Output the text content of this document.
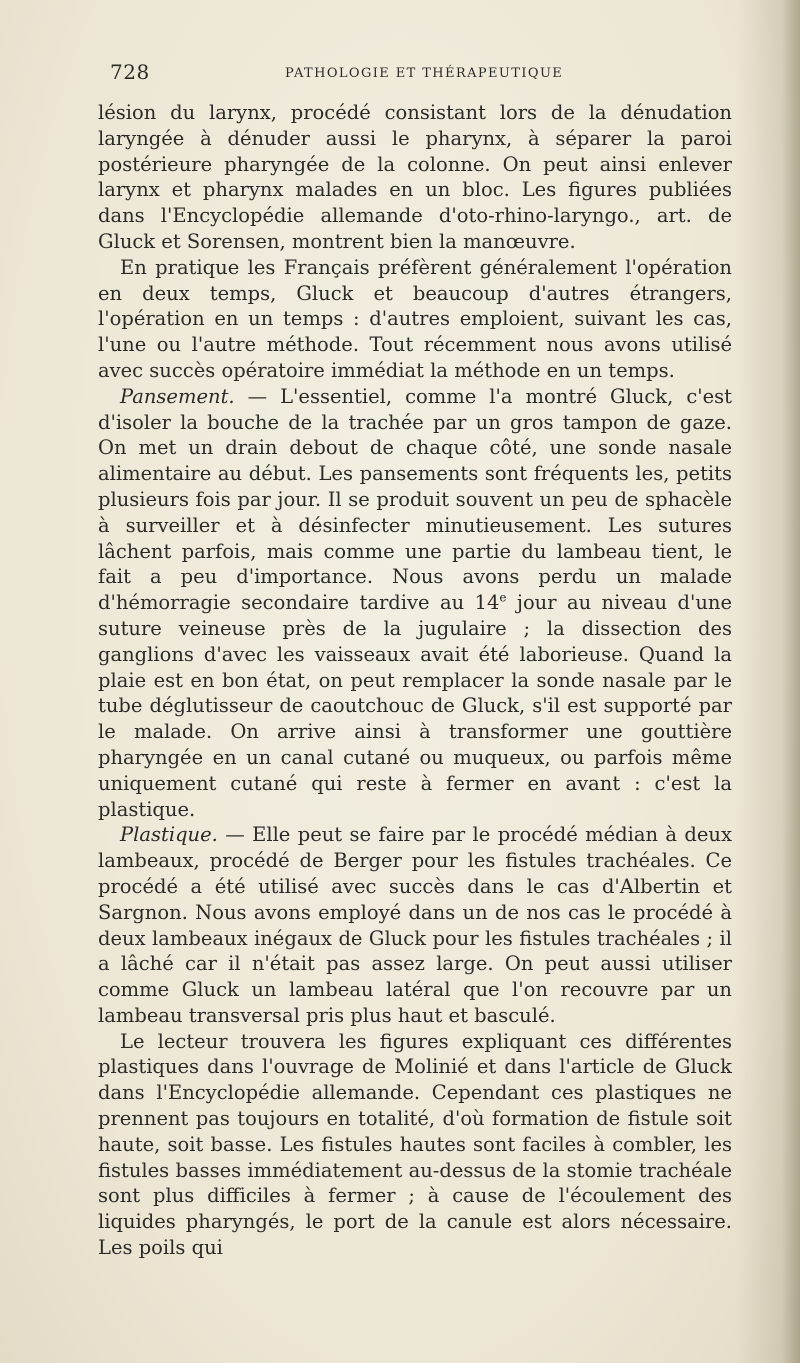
728	PATHOLOGIE ET THÉRAPEUTIQUE

lésion du larynx, procédé consistant lors de la dénudation laryngée à dénuder aussi le pharynx, à séparer la paroi postérieure pharyngée de la colonne. On peut ainsi enlever larynx et pharynx malades en un bloc. Les figures publiées dans l'Encyclopédie allemande d'oto-rhino-laryngo., art. de Gluck et Sorensen, montrent bien la manœuvre.

En pratique les Français préfèrent généralement l'opération en deux temps, Gluck et beaucoup d'autres étrangers, l'opération en un temps : d'autres emploient, suivant les cas, l'une ou l'autre méthode. Tout récemment nous avons utilisé avec succès opératoire immédiat la méthode en un temps.

Pansement. — L'essentiel, comme l'a montré Gluck, c'est d'isoler la bouche de la trachée par un gros tampon de gaze. On met un drain debout de chaque côté, une sonde nasale alimentaire au début. Les pansements sont fréquents les, petits plusieurs fois par jour. Il se produit souvent un peu de sphacèle à surveiller et à désinfecter minutieusement. Les sutures lâchent parfois, mais comme une partie du lambeau tient, le fait a peu d'importance. Nous avons perdu un malade d'hémorragie secondaire tardive au 14e jour au niveau d'une suture veineuse près de la jugulaire ; la dissection des ganglions d'avec les vaisseaux avait été laborieuse. Quand la plaie est en bon état, on peut remplacer la sonde nasale par le tube déglutisseur de caoutchouc de Gluck, s'il est supporté par le malade. On arrive ainsi à transformer une gouttière pharyngée en un canal cutané ou muqueux, ou parfois même uniquement cutané qui reste à fermer en avant : c'est la plastique.

Plastique. — Elle peut se faire par le procédé médian à deux lambeaux, procédé de Berger pour les fistules trachéales. Ce procédé a été utilisé avec succès dans le cas d'Albertin et Sargnon. Nous avons employé dans un de nos cas le procédé à deux lambeaux inégaux de Gluck pour les fistules trachéales ; il a lâché car il n'était pas assez large. On peut aussi utiliser comme Gluck un lambeau latéral que l'on recouvre par un lambeau transversal pris plus haut et basculé.

Le lecteur trouvera les figures expliquant ces différentes plastiques dans l'ouvrage de Molinié et dans l'article de Gluck dans l'Encyclopédie allemande. Cependant ces plastiques ne prennent pas toujours en totalité, d'où formation de fistule soit haute, soit basse. Les fistules hautes sont faciles à combler, les fistules basses immédiatement au-dessus de la stomie trachéale sont plus difficiles à fermer ; à cause de l'écoulement des liquides pharyngés, le port de la canule est alors nécessaire. Les poils qui
